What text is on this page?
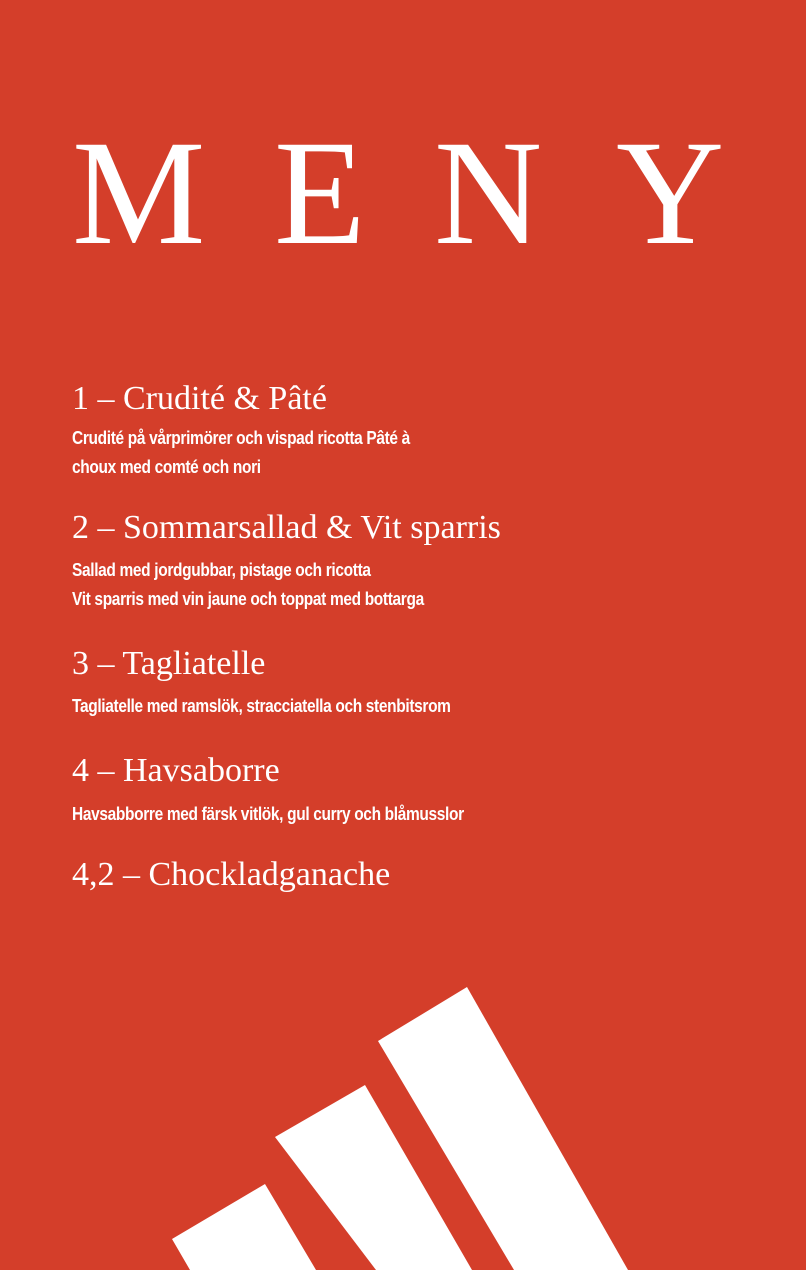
M E N Y
1 – Crudité & Pâté

Crudité på vårprimörer och vispad ricotta Pâté à
choux med comté och nori

2 – Sommarsallad & Vit sparris

Sallad med jordgubbar, pistage och ricotta
Vit sparris med vin jaune och toppat med bottarga

3 – Tagliatelle

Tagliatelle med ramslök, stracciatella och stenbitsrom

4 – Havsaborre

Havsabborre med färsk vitlök, gul curry och blåmusslor

4,2 – Chockladganache
